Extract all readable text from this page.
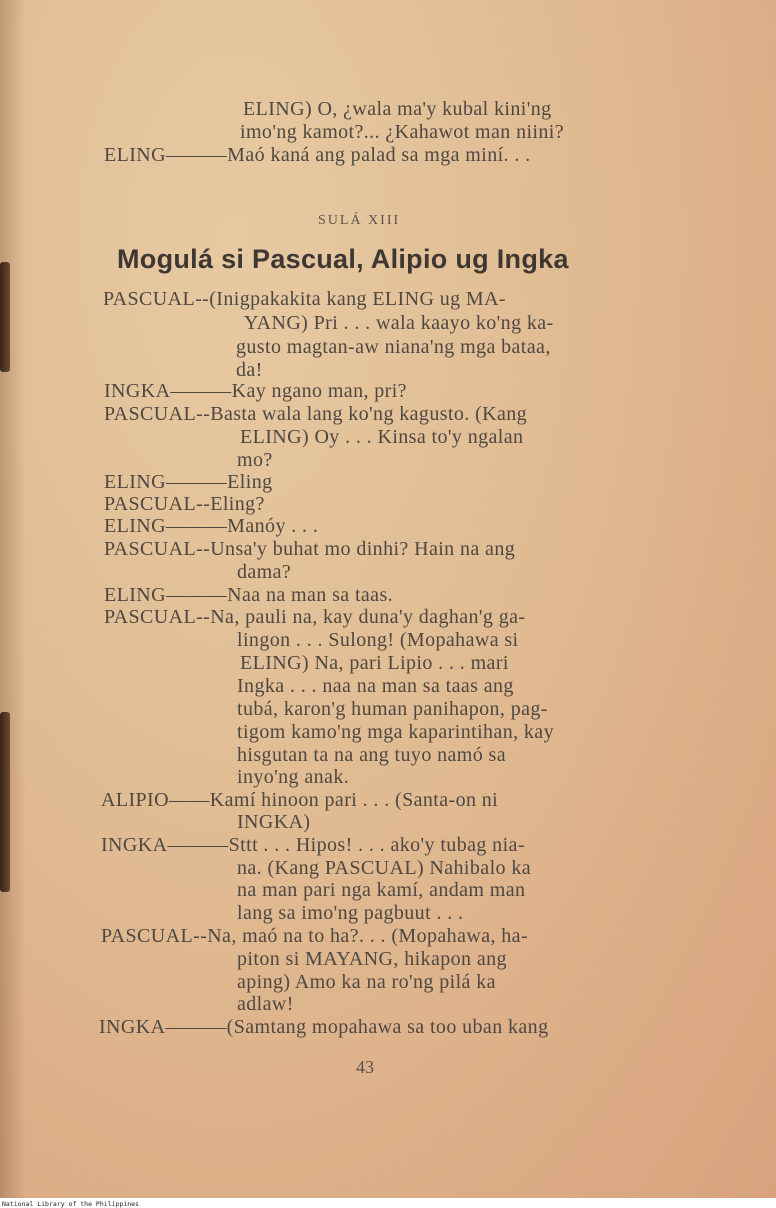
ELING) O, ¿wala ma'y kubal kini'ng
imo'ng kamot?... ¿Kahawot man niini?
ELING———Maó kaná ang palad sa mga miní. . .
SULÁ XIII
Mogulá si Pascual, Alipio ug Ingka
PASCUAL--(Inigpakakita kang ELING ug MA-
YANG) Pri . . . wala kaayo ko'ng ka-
gusto magtan-aw niana'ng mga bataa,
da!
INGKA———Kay ngano man, pri?
PASCUAL--Basta wala lang ko'ng kagusto. (Kang
ELING) Oy . . . Kinsa to'y ngalan
mo?
ELING———Eling
PASCUAL--Eling?
ELING———Manóy . . .
PASCUAL--Unsa'y buhat mo dinhi? Hain na ang
dama?
ELING———Naa na man sa taas.
PASCUAL--Na, pauli na, kay duna'y daghan'g ga-
lingon . . . Sulong! (Mopahawa si
ELING) Na, pari Lipio . . . mari
Ingka . . . naa na man sa taas ang
tubá, karon'g human panihapon, pag-
tigom kamo'ng mga kaparintihan, kay
hisgutan ta na ang tuyo namó sa
inyo'ng anak.
ALIPIO——Kamí hinoon pari . . . (Santa-on ni
INGKA)
INGKA———Sttt . . . Hipos! . . . ako'y tubag nia-
na. (Kang PASCUAL) Nahibalo ka
na man pari nga kamí, andam man
lang sa imo'ng pagbuut . . .
PASCUAL--Na, maó na to ha?. . . (Mopahawa, ha-
piton si MAYANG, hikapon ang
aping) Amo ka na ro'ng pilá ka
adlaw!
INGKA———(Samtang mopahawa sa too uban kang
43
National Library of the Philippines
